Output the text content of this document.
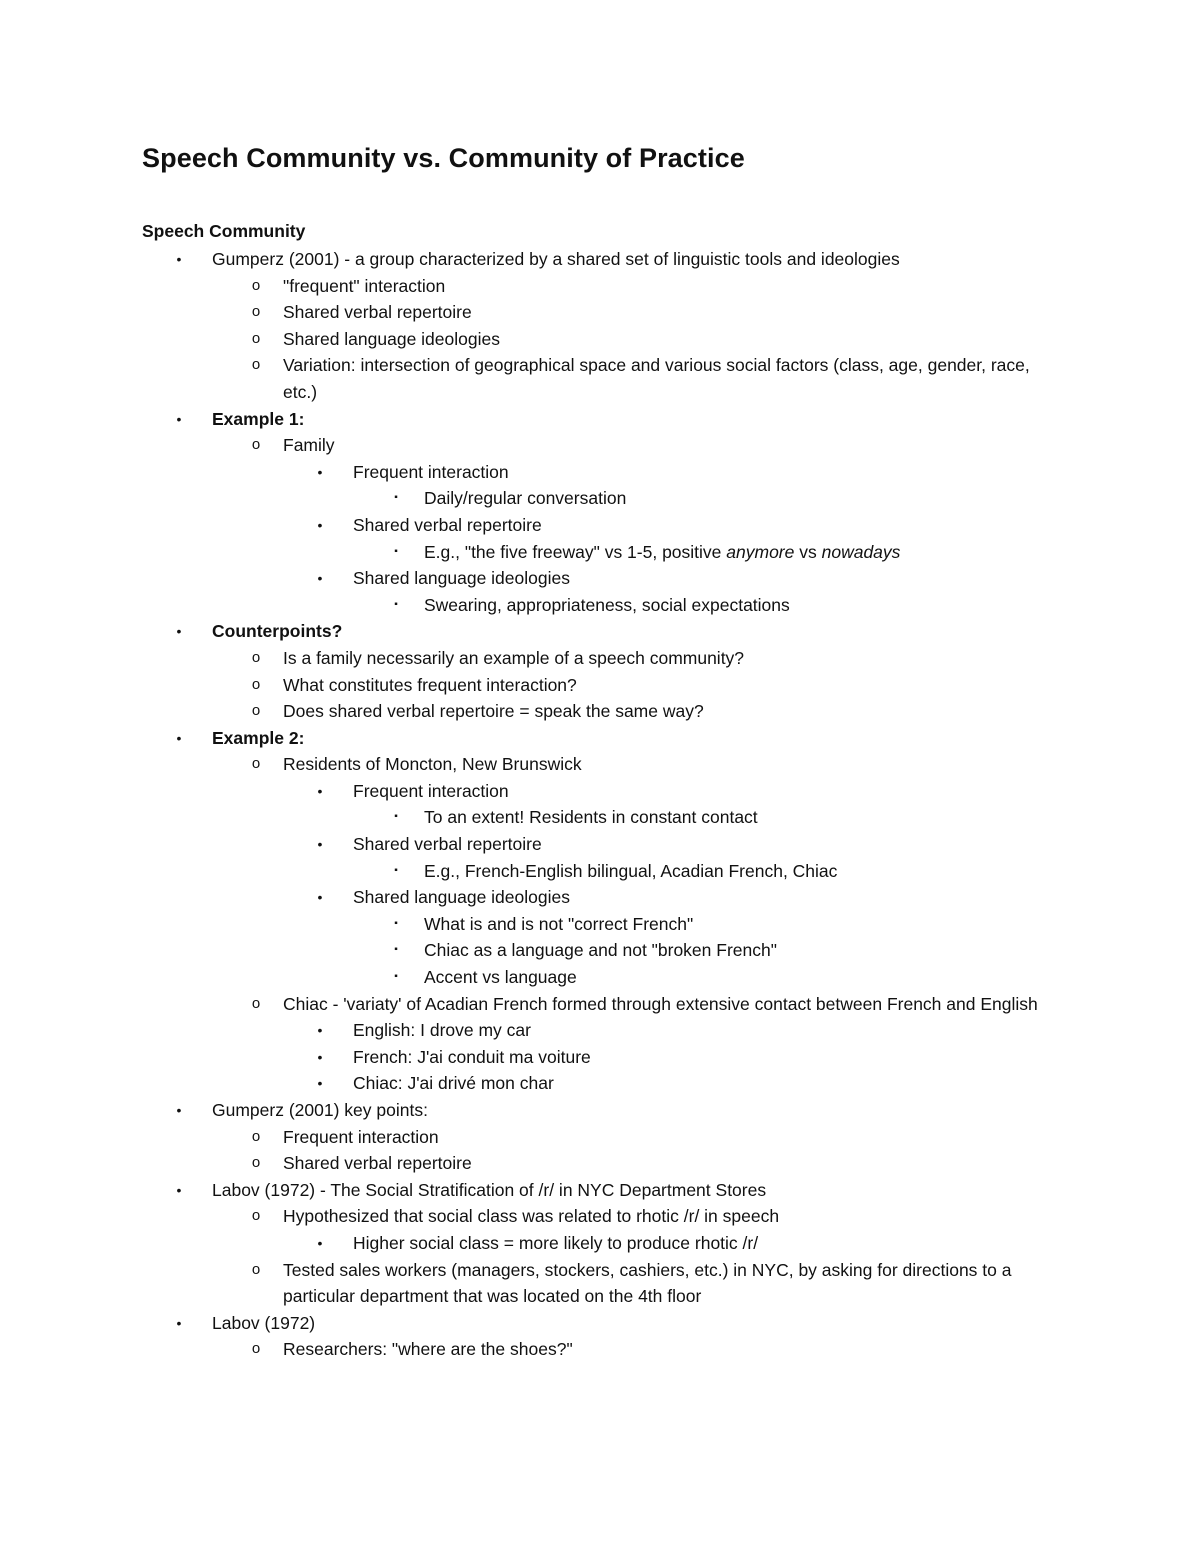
Speech Community vs. Community of Practice
Speech Community
•	Gumperz (2001) - a group characterized by a shared set of linguistic tools and ideologies
o	"frequent" interaction
o	Shared verbal repertoire
o	Shared language ideologies
o	Variation: intersection of geographical space and various social factors (class, age, gender, race, etc.)
•	Example 1:
o	Family
•	Frequent interaction
▪	Daily/regular conversation
•	Shared verbal repertoire
▪	E.g., "the five freeway" vs 1-5, positive anymore vs nowadays
•	Shared language ideologies
▪	Swearing, appropriateness, social expectations
•	Counterpoints?
o	Is a family necessarily an example of a speech community?
o	What constitutes frequent interaction?
o	Does shared verbal repertoire = speak the same way?
•	Example 2:
o	Residents of Moncton, New Brunswick
•	Frequent interaction
▪	To an extent! Residents in constant contact
•	Shared verbal repertoire
▪	E.g., French-English bilingual, Acadian French, Chiac
•	Shared language ideologies
▪	What is and is not "correct French"
▪	Chiac as a language and not "broken French"
▪	Accent vs language
o	Chiac - 'variaty' of Acadian French formed through extensive contact between French and English
•	English: I drove my car
•	French: J'ai conduit ma voiture
•	Chiac: J'ai drivé mon char
•	Gumperz (2001) key points:
o	Frequent interaction
o	Shared verbal repertoire
•	Labov (1972) - The Social Stratification of /r/ in NYC Department Stores
o	Hypothesized that social class was related to rhotic /r/ in speech
•	Higher social class = more likely to produce rhotic /r/
o	Tested sales workers (managers, stockers, cashiers, etc.) in NYC, by asking for directions to a particular department that was located on the 4th floor
•	Labov (1972)
o	Researchers: "where are the shoes?"
